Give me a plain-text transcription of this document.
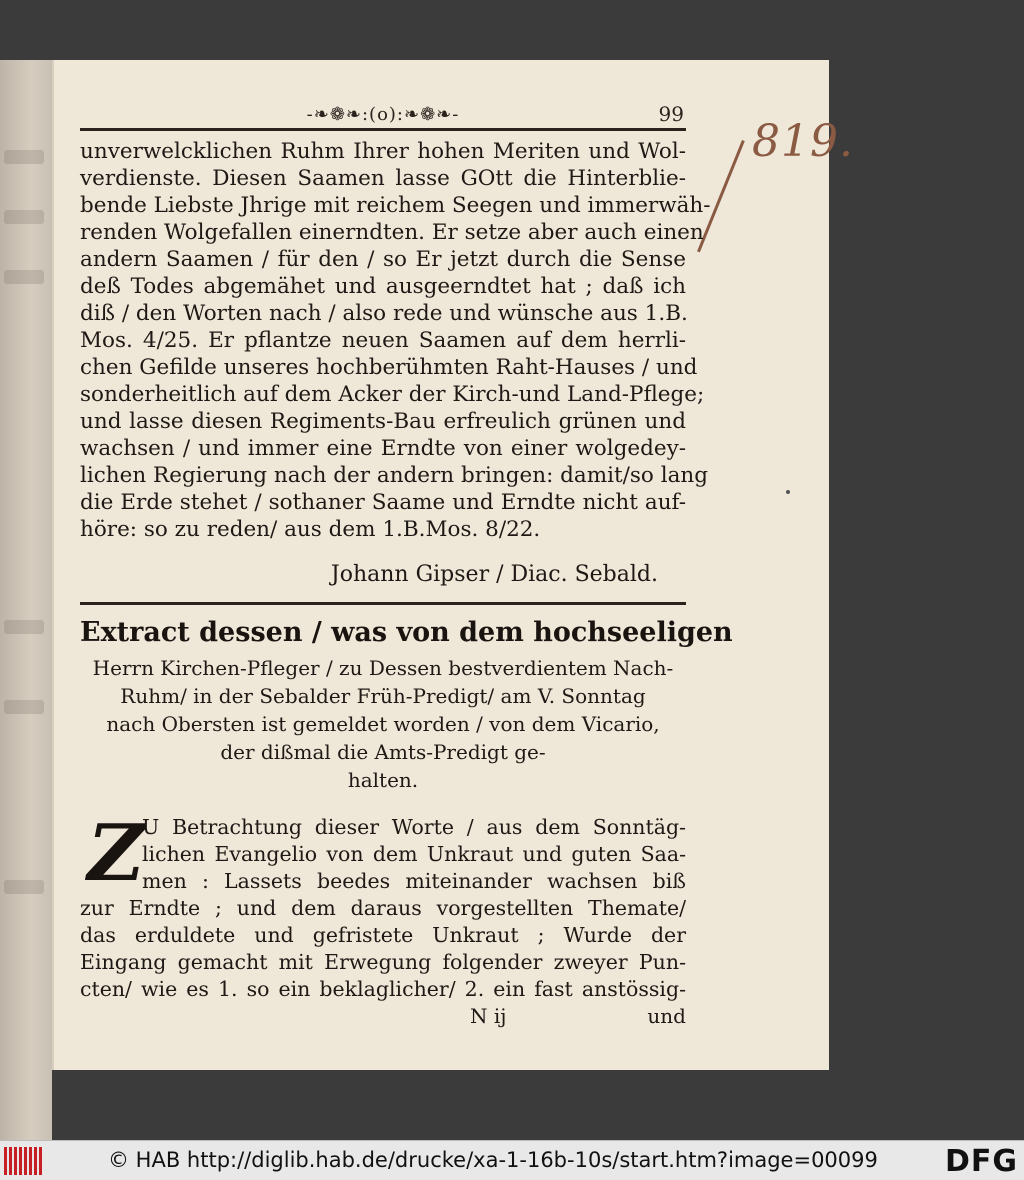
-❧❁❧:(o):❧❁❧-	99
819.
unverwelcklichen Ruhm Ihrer hohen Meriten und Wol-
verdienste. Diesen Saamen lasse GOtt die Hinterblie-
bende Liebste Jhrige mit reichem Seegen und immerwäh-
renden Wolgefallen einerndten. Er setze aber auch einen
andern Saamen / für den / so Er jetzt durch die Sense
deß Todes abgemähet und ausgeerndtet hat ; daß ich
diß / den Worten nach / also rede und wünsche aus 1.B.
Mos. 4/25. Er pflantze neuen Saamen auf dem herrli-
chen Gefilde unseres hochberühmten Raht-Hauses / und
sonderheitlich auf dem Acker der Kirch-und Land-Pflege;
und lasse diesen Regiments-Bau erfreulich grünen und
wachsen / und immer eine Erndte von einer wolgedey-
lichen Regierung nach der andern bringen: damit/so lang
die Erde stehet / sothaner Saame und Erndte nicht auf-
höre: so zu reden/ aus dem 1.B.Mos. 8/22.
Johann Gipser / Diac. Sebald.
Extract dessen / was von dem hochseeligen
Herrn Kirchen-Pfleger / zu Dessen bestverdientem Nach-
Ruhm/ in der Sebalder Früh-Predigt/ am V. Sonntag
nach Obersten ist gemeldet worden / von dem Vicario,
der dißmal die Amts-Predigt ge-
halten.
Z
U Betrachtung dieser Worte / aus dem Sonntäg-
lichen Evangelio von dem Unkraut und guten Saa-
men : Lassets beedes miteinander wachsen biß
zur Erndte ; und dem daraus vorgestellten Themate/
das erduldete und gefristete Unkraut ; Wurde der
Eingang gemacht mit Erwegung folgender zweyer Pun-
cten/ wie es 1. so ein beklaglicher/ 2. ein fast anstössig-
N ij	und
© HAB http://diglib.hab.de/drucke/xa-1-16b-10s/start.htm?image=00099 DFG
